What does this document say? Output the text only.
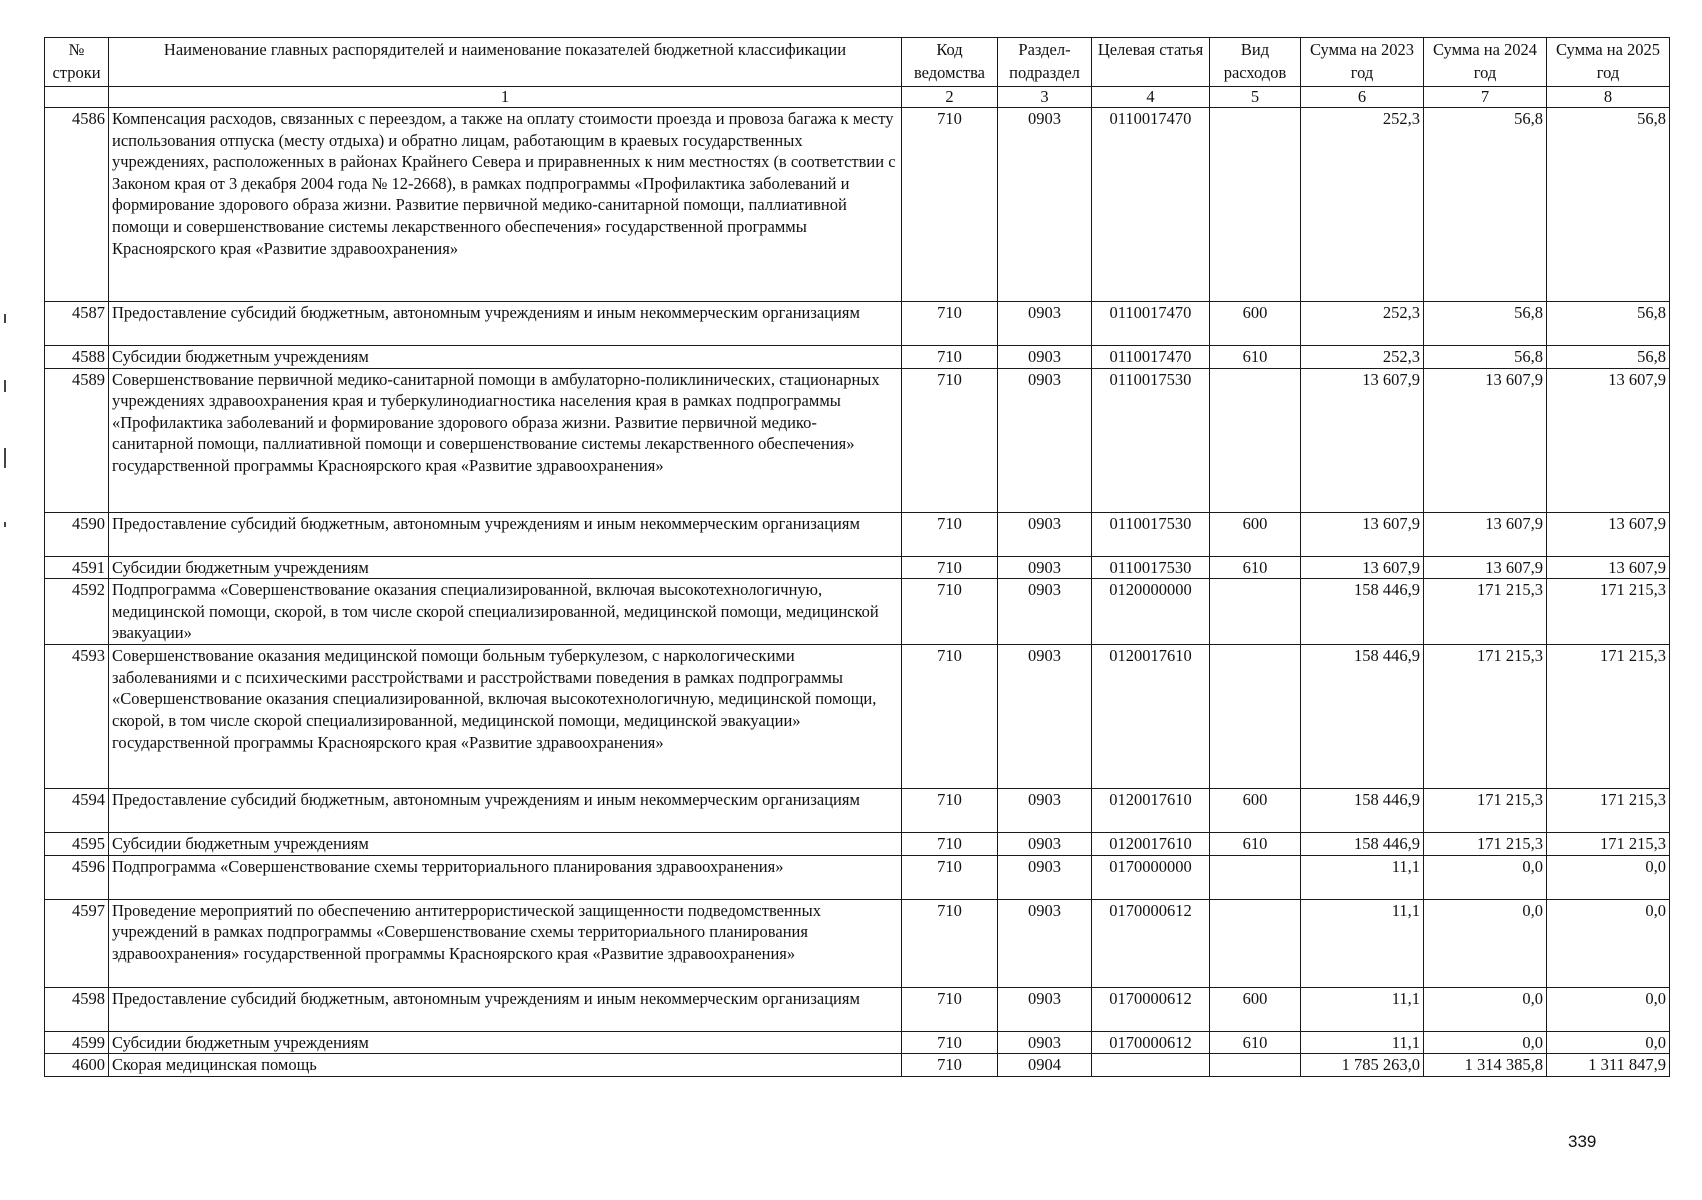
№ строки	Наименование главных распорядителей и наименование показателей бюджетной классификации	Код ведомства	Раздел-подраздел	Целевая статья	Вид расходов	Сумма на 2023 год	Сумма на 2024 год	Сумма на 2025 год
	1	2	3	4	5	6	7	8
4586	Компенсация расходов, связанных с переездом, а также на оплату стоимости проезда и провоза багажа к месту использования отпуска (месту отдыха) и обратно лицам, работающим в краевых государственных учреждениях, расположенных в районах Крайнего Севера и приравненных к ним местностях (в соответствии с Законом края от 3 декабря 2004 года № 12-2668), в рамках подпрограммы «Профилактика заболеваний и формирование здорового образа жизни. Развитие первичной медико-санитарной помощи, паллиативной помощи и совершенствование системы лекарственного обеспечения» государственной программы Красноярского края «Развитие здравоохранения»	710	0903	0110017470		252,3	56,8	56,8
4587	Предоставление субсидий бюджетным, автономным учреждениям и иным некоммерческим организациям	710	0903	0110017470	600	252,3	56,8	56,8
4588	Субсидии бюджетным учреждениям	710	0903	0110017470	610	252,3	56,8	56,8
4589	Совершенствование первичной медико-санитарной помощи в амбулаторно-поликлинических, стационарных учреждениях здравоохранения края и туберкулинодиагностика населения края в рамках подпрограммы «Профилактика заболеваний и формирование здорового образа жизни. Развитие первичной медико-санитарной помощи, паллиативной помощи и совершенствование системы лекарственного обеспечения» государственной программы Красноярского края «Развитие здравоохранения»	710	0903	0110017530		13 607,9	13 607,9	13 607,9
4590	Предоставление субсидий бюджетным, автономным учреждениям и иным некоммерческим организациям	710	0903	0110017530	600	13 607,9	13 607,9	13 607,9
4591	Субсидии бюджетным учреждениям	710	0903	0110017530	610	13 607,9	13 607,9	13 607,9
4592	Подпрограмма «Совершенствование оказания специализированной, включая высокотехнологичную, медицинской помощи, скорой, в том числе скорой специализированной, медицинской помощи, медицинской эвакуации»	710	0903	0120000000		158 446,9	171 215,3	171 215,3
4593	Совершенствование оказания медицинской помощи больным туберкулезом, с наркологическими заболеваниями и с психическими расстройствами и расстройствами поведения в рамках подпрограммы «Совершенствование оказания специализированной, включая высокотехнологичную, медицинской помощи, скорой, в том числе скорой специализированной, медицинской помощи, медицинской эвакуации» государственной программы Красноярского края «Развитие здравоохранения»	710	0903	0120017610		158 446,9	171 215,3	171 215,3
4594	Предоставление субсидий бюджетным, автономным учреждениям и иным некоммерческим организациям	710	0903	0120017610	600	158 446,9	171 215,3	171 215,3
4595	Субсидии бюджетным учреждениям	710	0903	0120017610	610	158 446,9	171 215,3	171 215,3
4596	Подпрограмма «Совершенствование схемы территориального планирования здравоохранения»	710	0903	0170000000		11,1	0,0	0,0
4597	Проведение мероприятий по обеспечению антитеррористической защищенности подведомственных учреждений в рамках подпрограммы «Совершенствование схемы территориального планирования здравоохранения» государственной программы Красноярского края «Развитие здравоохранения»	710	0903	0170000612		11,1	0,0	0,0
4598	Предоставление субсидий бюджетным, автономным учреждениям и иным некоммерческим организациям	710	0903	0170000612	600	11,1	0,0	0,0
4599	Субсидии бюджетным учреждениям	710	0903	0170000612	610	11,1	0,0	0,0
4600	Скорая медицинская помощь	710	0904			1 785 263,0	1 314 385,8	1 311 847,9
339
